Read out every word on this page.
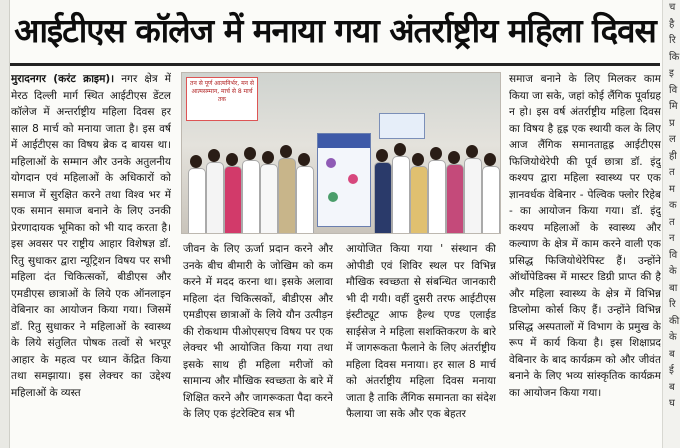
च
है
रि
कि
इ
वि
मि
प्र
ल
ही
त
म
क
त
न
वि
के
बा
रि
की
के
ब
ई
ब
घ
आईटीएस कॉलेज में मनाया गया अंतर्राष्ट्रीय महिला दिवस

मुरादनगर (करंट क्राइम)। नगर क्षेत्र में मेरठ दिल्ली मार्ग स्थित आईटीएस डेंटल कॉलेज में अन्तर्राष्ट्रीय महिला दिवस हर साल 8 मार्च को मनाया जाता है। इस वर्ष में आईटीएस का विषय ब्रेक द बायस था। महिलाओं के सम्मान और उनके अतुलनीय योगदान एवं महिलाओं के अधिकारों को समाज में सुरक्षित करने तथा विश्व भर में एक समान समाज बनाने के लिए उनकी प्रेरणादायक भूमिका को भी याद करता है। इस अवसर पर राष्ट्रीय आहार विशेषज्ञ डॉ. रितु सुधाकर द्वारा न्यूट्रिशन विषय पर सभी महिला दंत चिकित्सकों, बीडीएस और एमडीएस छात्राओं के लिये एक ऑनलाइन वेबिनार का आयोजन किया गया। जिसमें डॉ. रितु सुधाकर ने महिलाओं के स्वास्थ्य के लिये संतुलित पोषक तत्वों से भरपूर आहार के महत्व पर ध्यान केंद्रित किया तथा समझाया। इस लेक्चर का उद्देश्य महिलाओं के व्यस्त

तन से पूर्ण आत्मनिर्भर, मन से आत्मसम्मान, मार्च से 8 मार्च तक

जीवन के लिए ऊर्जा प्रदान करने और उनके बीच बीमारी के जोखिम को कम करने में मदद करना था। इसके अलावा महिला दंत चिकित्सकों, बीडीएस और एमडीएस छात्राओं के लिये यौन उत्पीड़न की रोकथाम पीओएसएच विषय पर एक लेक्चर भी आयोजित किया गया तथा इसके साथ ही महिला मरीजों को सामान्य और मौखिक स्वच्छता के बारे में शिक्षित करने और जागरूकता पैदा करने के लिए एक इंटरेक्टिव सत्र भी

आयोजित किया गया ' संस्थान की ओपीडी एवं शिविर स्थल पर विभिन्न मौखिक स्वच्छता से संबन्धित जानकारी भी दी गयी। वहीं दुसरी तरफ आईटीएस इंस्टीट्यूट आफ हैल्थ एण्ड एलाईड साईसेज ने महिला सशक्तिकरण के बारे में जागरूकता फैलाने के लिए अंतर्राष्ट्रीय महिला दिवस मनाया। हर साल 8 मार्च को अंतर्राष्ट्रीय महिला दिवस मनाया जाता है ताकि लैंगिक समानता का संदेश फैलाया जा सके और एक बेहतर

समाज बनाने के लिए मिलकर काम किया जा सके, जहां कोई लैंगिक पूर्वाग्रह न हो। इस वर्ष अंतर्राष्ट्रीय महिला दिवस का विषय है हृह्र एक स्थायी कल के लिए आज लैंगिक समानताहृह्र आईटीएस फिजियोथेरेपी की पूर्व छात्रा डॉ. इंदु कश्यप द्वारा महिला स्वास्थ्य पर एक ज्ञानवर्धक वेबिनार - पेल्विक फ्लोर रिहेब - का आयोजन किया गया। डॉ. इंदु कश्यप महिलाओं के स्वास्थ्य और कल्याण के क्षेत्र में काम करने वाली एक प्रसिद्ध फिजियोथेरेपिस्ट हैं। उन्होंने ऑर्थोपेडिक्स में मास्टर डिग्री प्राप्त की है और महिला स्वास्थ्य के क्षेत्र में विभिन्न डिप्लोमा कोर्स किए हैं। उन्होंने विभिन्न प्रसिद्ध अस्पतालों में विभाग के प्रमुख के रूप में कार्य किया है। इस शिक्षाप्रद वेबिनार के बाद कार्यक्रम को और जीवंत बनाने के लिए भव्य सांस्कृतिक कार्यक्रम का आयोजन किया गया।
